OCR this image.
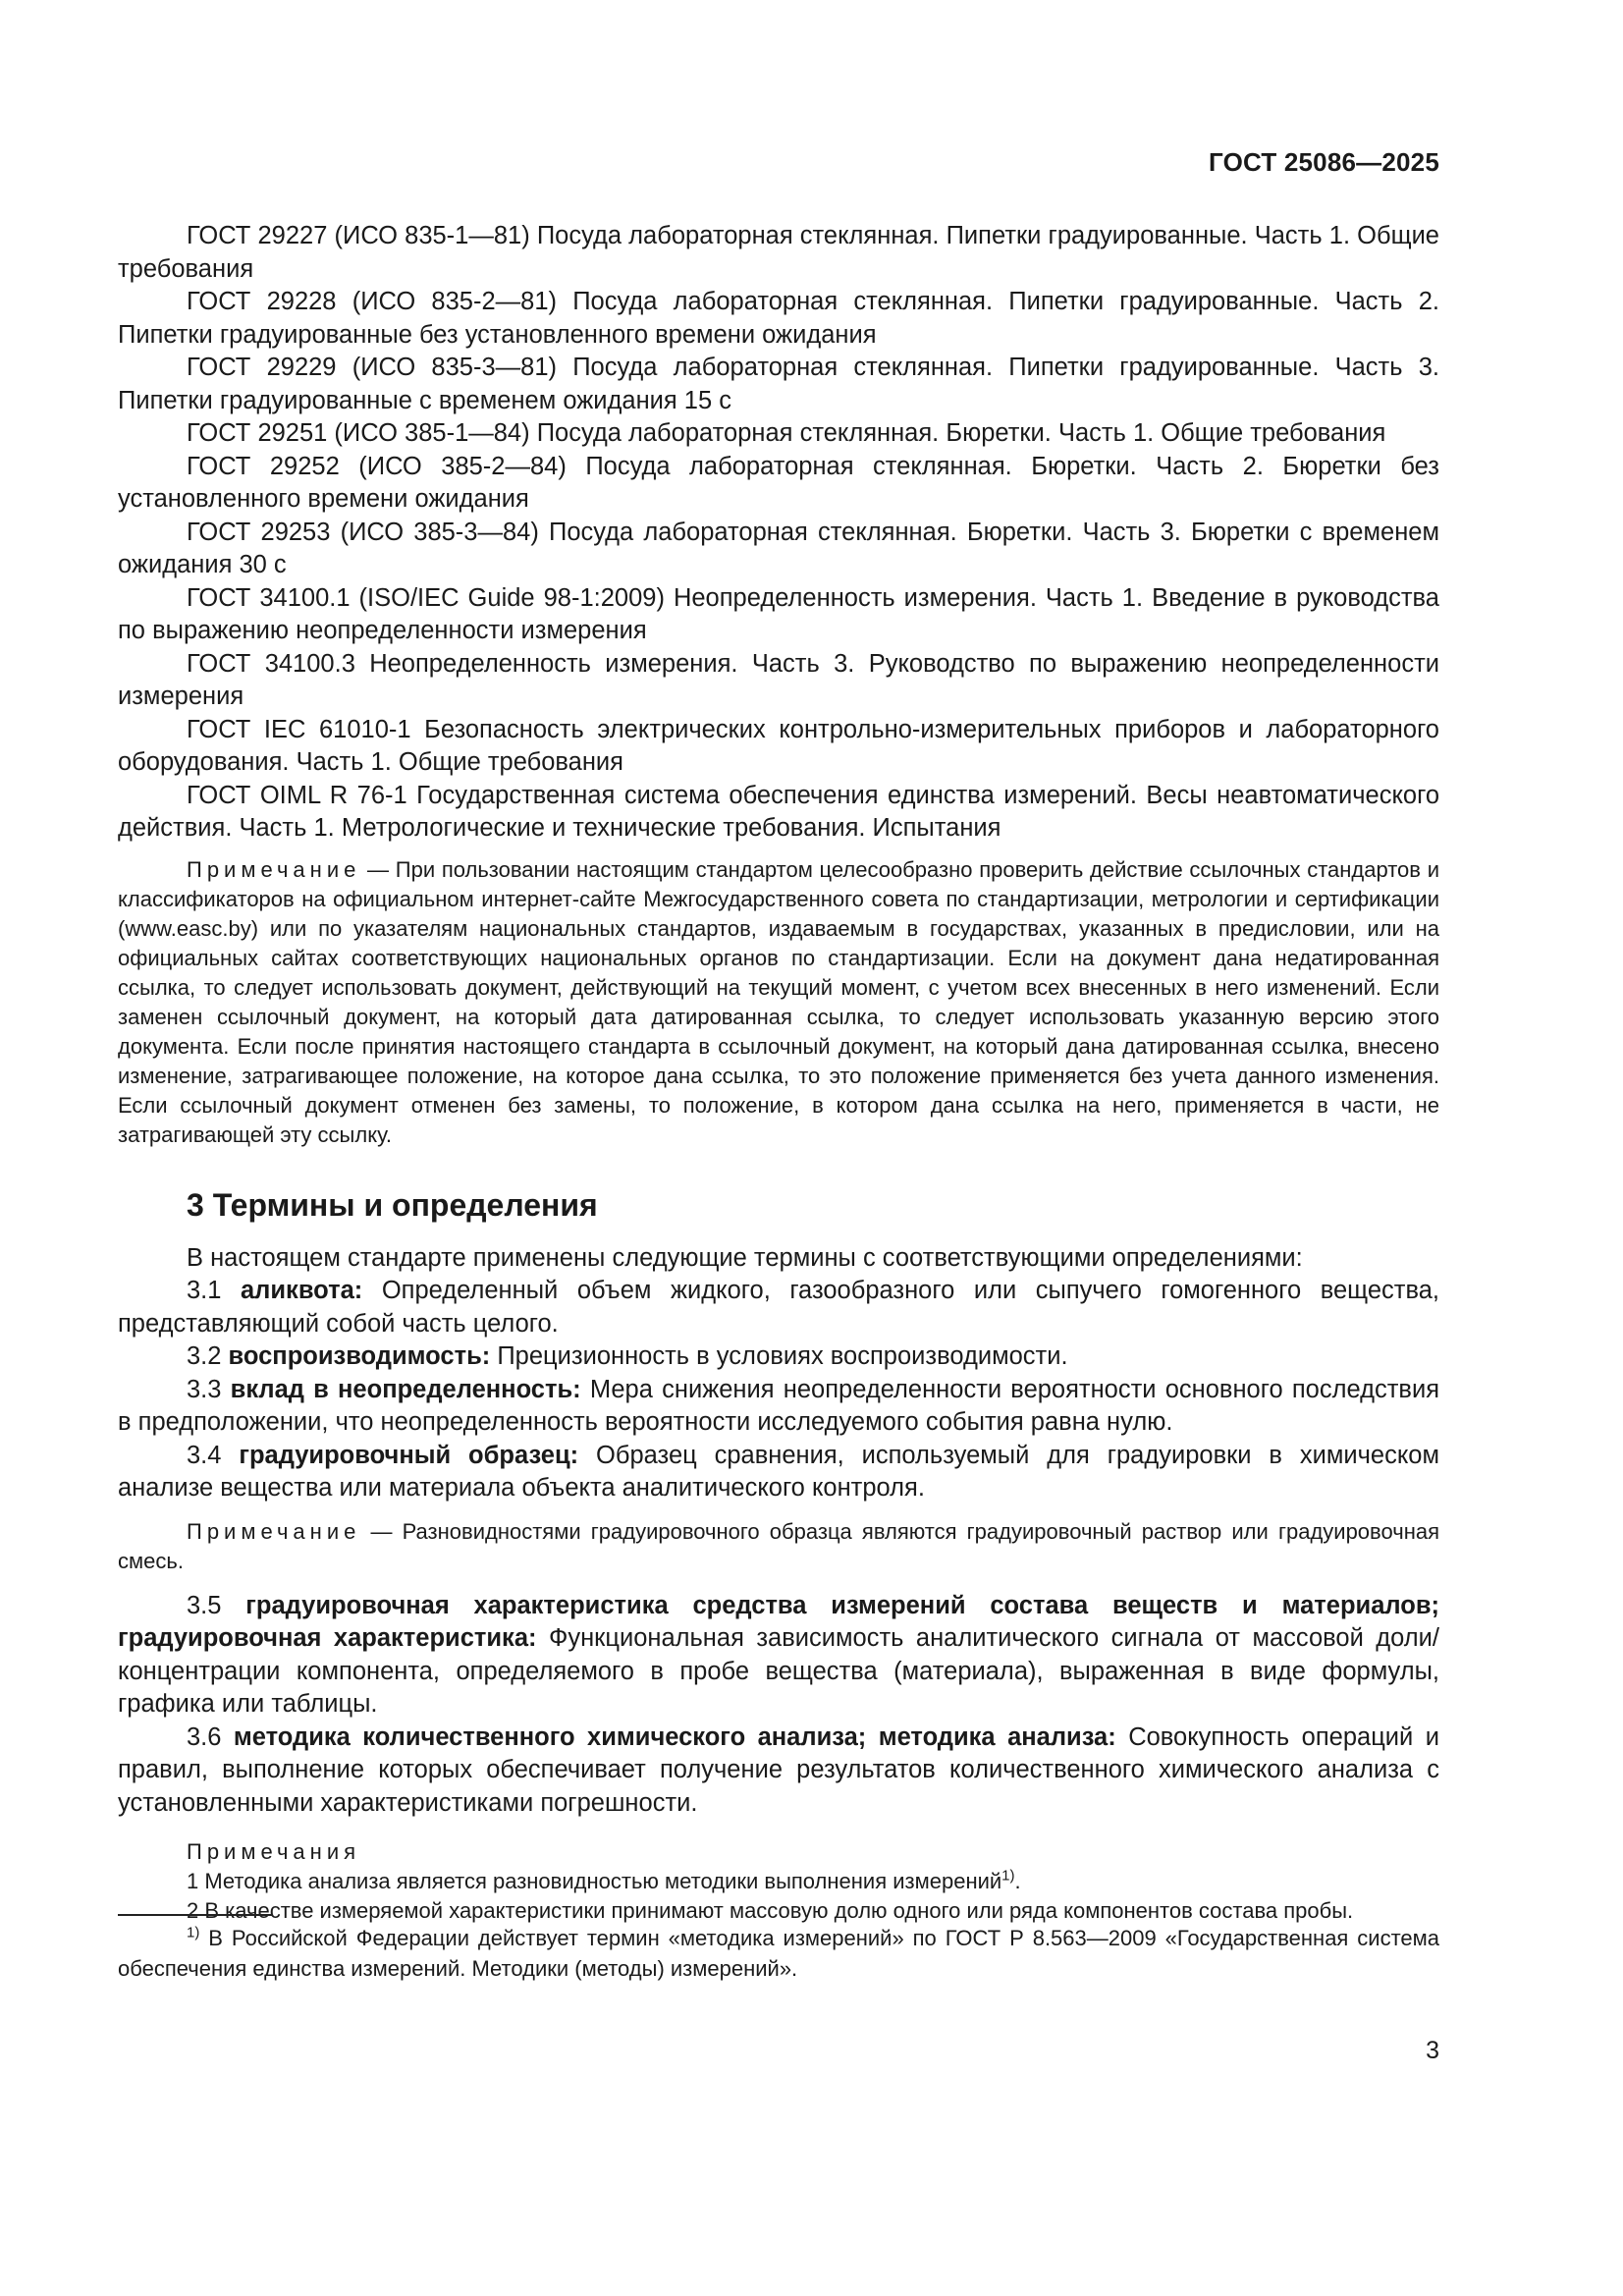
ГОСТ 25086—2025

ГОСТ 29227 (ИСО 835-1—81) Посуда лабораторная стеклянная. Пипетки градуированные. Часть 1. Общие требования

ГОСТ 29228 (ИСО 835-2—81) Посуда лабораторная стеклянная. Пипетки градуированные. Часть 2. Пипетки градуированные без установленного времени ожидания

ГОСТ 29229 (ИСО 835-3—81) Посуда лабораторная стеклянная. Пипетки градуированные. Часть 3. Пипетки градуированные с временем ожидания 15 с

ГОСТ 29251 (ИСО 385-1—84) Посуда лабораторная стеклянная. Бюретки. Часть 1. Общие требования

ГОСТ 29252 (ИСО 385-2—84) Посуда лабораторная стеклянная. Бюретки. Часть 2. Бюретки без установленного времени ожидания

ГОСТ 29253 (ИСО 385-3—84) Посуда лабораторная стеклянная. Бюретки. Часть 3. Бюретки с временем ожидания 30 с

ГОСТ 34100.1 (ISO/IEC Guide 98-1:2009) Неопределенность измерения. Часть 1. Введение в руководства по выражению неопределенности измерения

ГОСТ 34100.3 Неопределенность измерения. Часть 3. Руководство по выражению неопределенности измерения

ГОСТ IEC 61010-1 Безопасность электрических контрольно-измерительных приборов и лабораторного оборудования. Часть 1. Общие требования

ГОСТ OIML R 76-1 Государственная система обеспечения единства измерений. Весы неавтоматического действия. Часть 1. Метрологические и технические требования. Испытания

Примечание — При пользовании настоящим стандартом целесообразно проверить действие ссылочных стандартов и классификаторов на официальном интернет-сайте Межгосударственного совета по стандартизации, метрологии и сертификации (www.easc.by) или по указателям национальных стандартов, издаваемым в государствах, указанных в предисловии, или на официальных сайтах соответствующих национальных органов по стандартизации. Если на документ дана недатированная ссылка, то следует использовать документ, действующий на текущий момент, с учетом всех внесенных в него изменений. Если заменен ссылочный документ, на который дата датированная ссылка, то следует использовать указанную версию этого документа. Если после принятия настоящего стандарта в ссылочный документ, на который дана датированная ссылка, внесено изменение, затрагивающее положение, на которое дана ссылка, то это положение применяется без учета данного изменения. Если ссылочный документ отменен без замены, то положение, в котором дана ссылка на него, применяется в части, не затрагивающей эту ссылку.

3 Термины и определения

В настоящем стандарте применены следующие термины с соответствующими определениями:

3.1 аликвота: Определенный объем жидкого, газообразного или сыпучего гомогенного вещества, представляющий собой часть целого.

3.2 воспроизводимость: Прецизионность в условиях воспроизводимости.

3.3 вклад в неопределенность: Мера снижения неопределенности вероятности основного последствия в предположении, что неопределенность вероятности исследуемого события равна нулю.

3.4 градуировочный образец: Образец сравнения, используемый для градуировки в химическом анализе вещества или материала объекта аналитического контроля.

Примечание — Разновидностями градуировочного образца являются градуировочный раствор или градуировочная смесь.

3.5 градуировочная характеристика средства измерений состава веществ и материалов; градуировочная характеристика: Функциональная зависимость аналитического сигнала от массовой доли/концентрации компонента, определяемого в пробе вещества (материала), выраженная в виде формулы, графика или таблицы.

3.6 методика количественного химического анализа; методика анализа: Совокупность операций и правил, выполнение которых обеспечивает получение результатов количественного химического анализа с установленными характеристиками погрешности.

Примечания
1 Методика анализа является разновидностью методики выполнения измерений$^{1)}$.
2 В качестве измеряемой характеристики принимают массовую долю одного или ряда компонентов состава пробы.

$^{1)}$ В Российской Федерации действует термин «методика измерений» по ГОСТ Р 8.563—2009 «Государственная система обеспечения единства измерений. Методики (методы) измерений».

3
